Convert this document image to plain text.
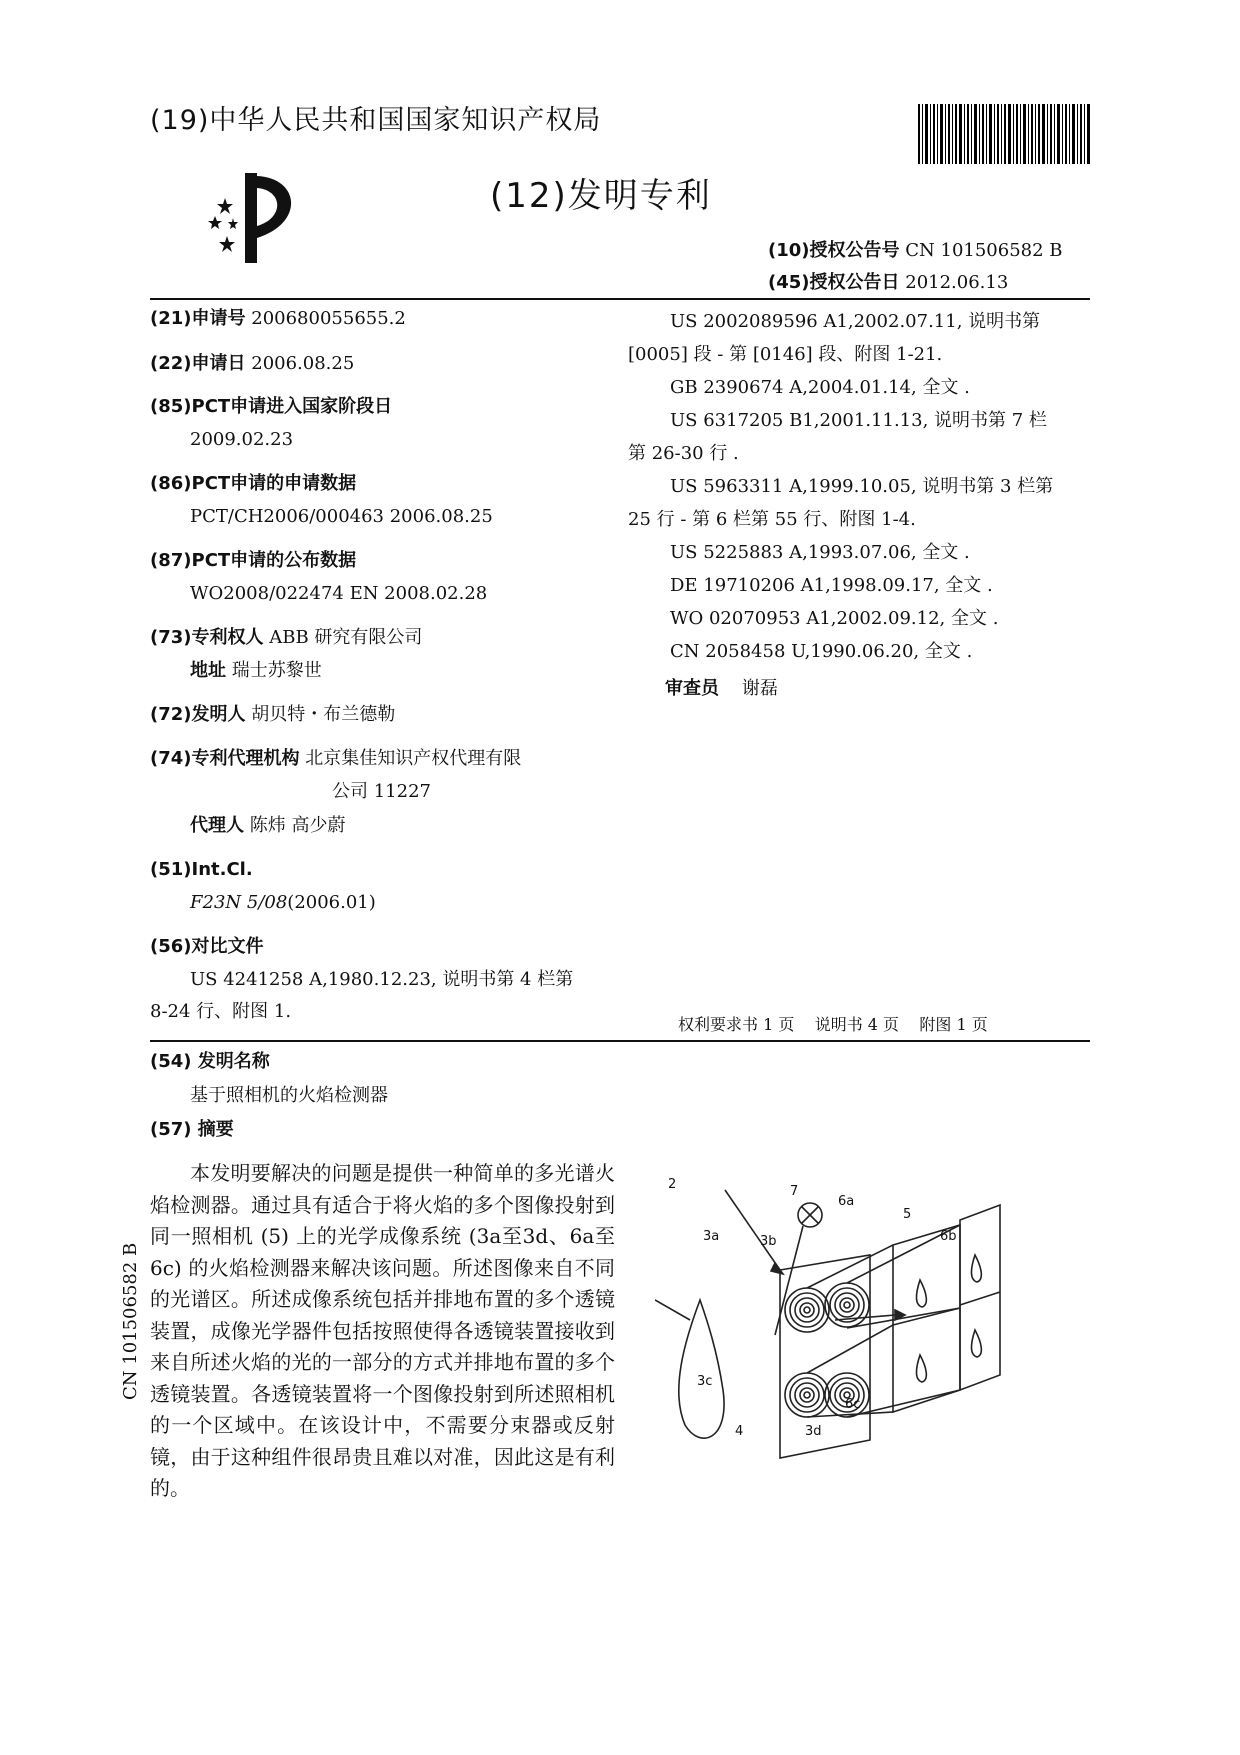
(19)中华人民共和国国家知识产权局
(12)发明专利
(10)授权公告号 CN 101506582 B
(45)授权公告日 2012.06.13
(21)申请号 200680055655.2
(22)申请日 2006.08.25
(85)PCT申请进入国家阶段日
2009.02.23
(86)PCT申请的申请数据
PCT/CH2006/000463 2006.08.25
(87)PCT申请的公布数据
WO2008/022474 EN 2008.02.28
(73)专利权人 ABB 研究有限公司
地址 瑞士苏黎世
(72)发明人 胡贝特・布兰德勒
(74)专利代理机构 北京集佳知识产权代理有限
公司 11227
代理人 陈炜 高少蔚
(51)Int.Cl.
F23N 5/08(2006.01)
(56)对比文件
US 4241258 A,1980.12.23, 说明书第 4 栏第
8-24 行、附图 1.
US 2002089596 A1,2002.07.11, 说明书第
[0005] 段 - 第 [0146] 段、附图 1-21.
GB 2390674 A,2004.01.14, 全文 .
US 6317205 B1,2001.11.13, 说明书第 7 栏
第 26-30 行 .
US 5963311 A,1999.10.05, 说明书第 3 栏第
25 行 - 第 6 栏第 55 行、附图 1-4.
US 5225883 A,1993.07.06, 全文 .
DE 19710206 A1,1998.09.17, 全文 .
WO 02070953 A1,2002.09.12, 全文 .
CN 2058458 U,1990.06.20, 全文 .
审查员 谢磊
权利要求书 1 页    说明书 4 页    附图 1 页
(54) 发明名称
基于照相机的火焰检测器
(57) 摘要

本发明要解决的问题是提供一种简单的多光谱火焰检测器。通过具有适合于将火焰的多个图像投射到同一照相机 (5) 上的光学成像系统 (3a至3d、6a至6c) 的火焰检测器来解决该问题。所述图像来自不同的光谱区。所述成像系统包括并排地布置的多个透镜装置，成像光学器件包括按照使得各透镜装置接收到来自所述火焰的光的一部分的方式并排地布置的多个透镜装置。各透镜装置将一个图像投射到所述照相机的一个区域中。在该设计中，不需要分束器或反射镜，由于这种组件很昂贵且难以对准，因此这是有利的。

CN 101506582 B
7
6a
5
2
3a	3b	6b
3c
4	3d
6c
